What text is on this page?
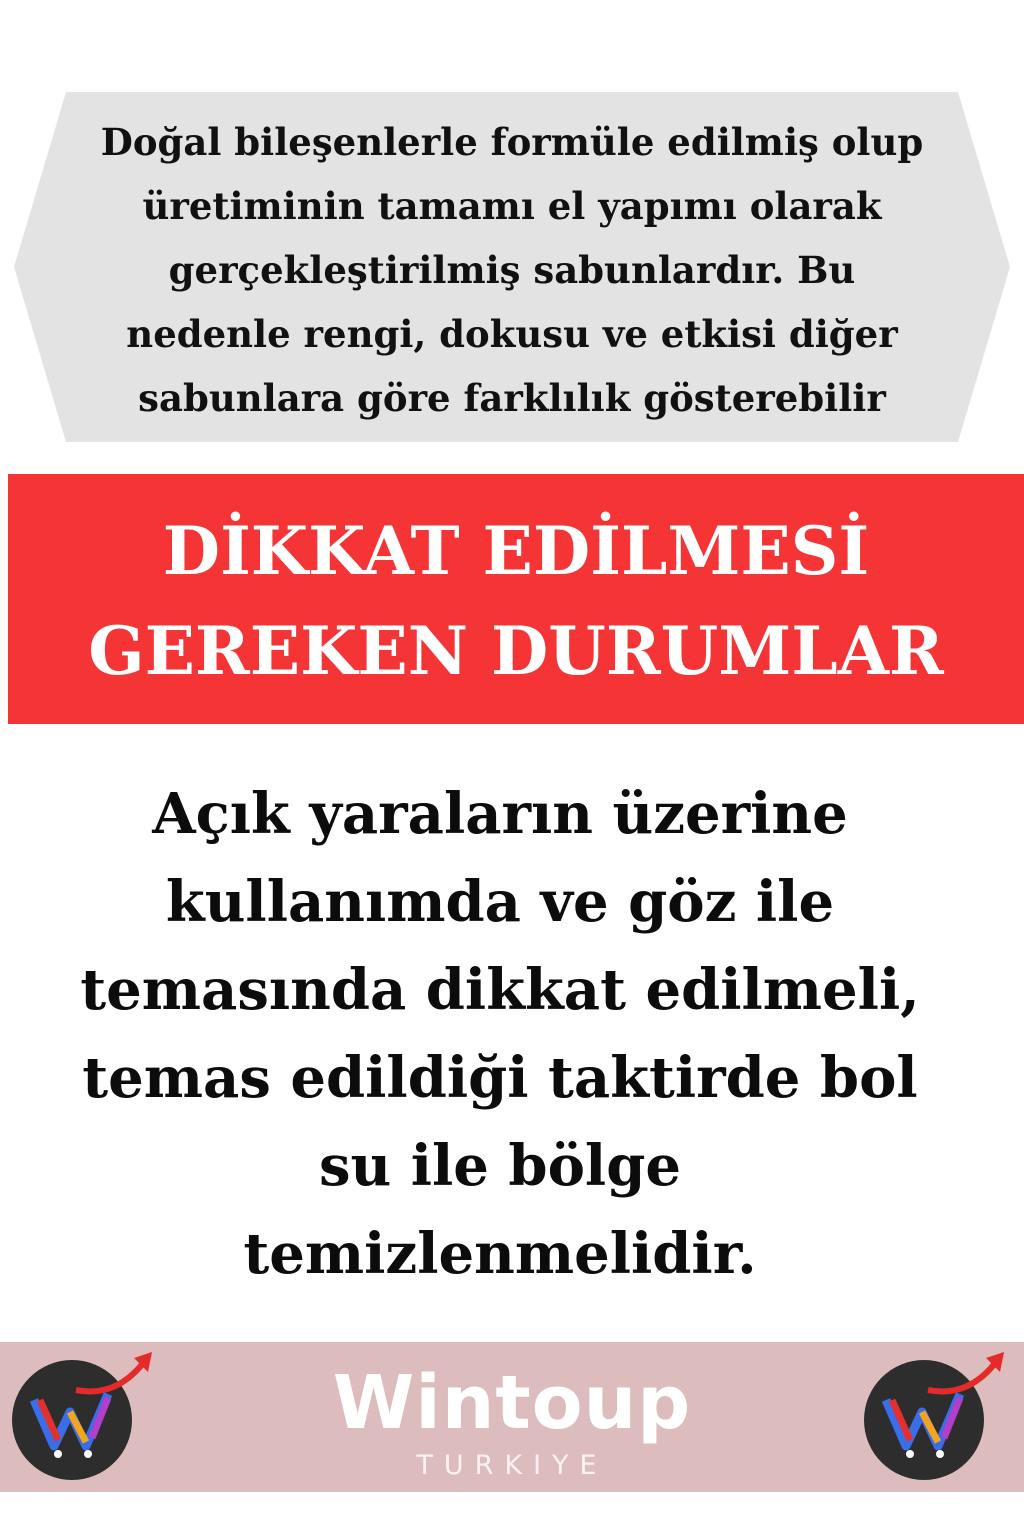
Doğal bileşenlerle formüle edilmiş olup
üretiminin tamamı el yapımı olarak
gerçekleştirilmiş sabunlardır. Bu
nedenle rengi, dokusu ve etkisi diğer
sabunlara göre farklılık gösterebilir
DİKKAT EDİLMESİ
GEREKEN DURUMLAR
Açık yaraların üzerine
kullanımda ve göz ile
temasında dikkat edilmeli,
temas edildiği taktirde bol
su ile bölge
temizlenmelidir.
Wintoup
TURKIYE
